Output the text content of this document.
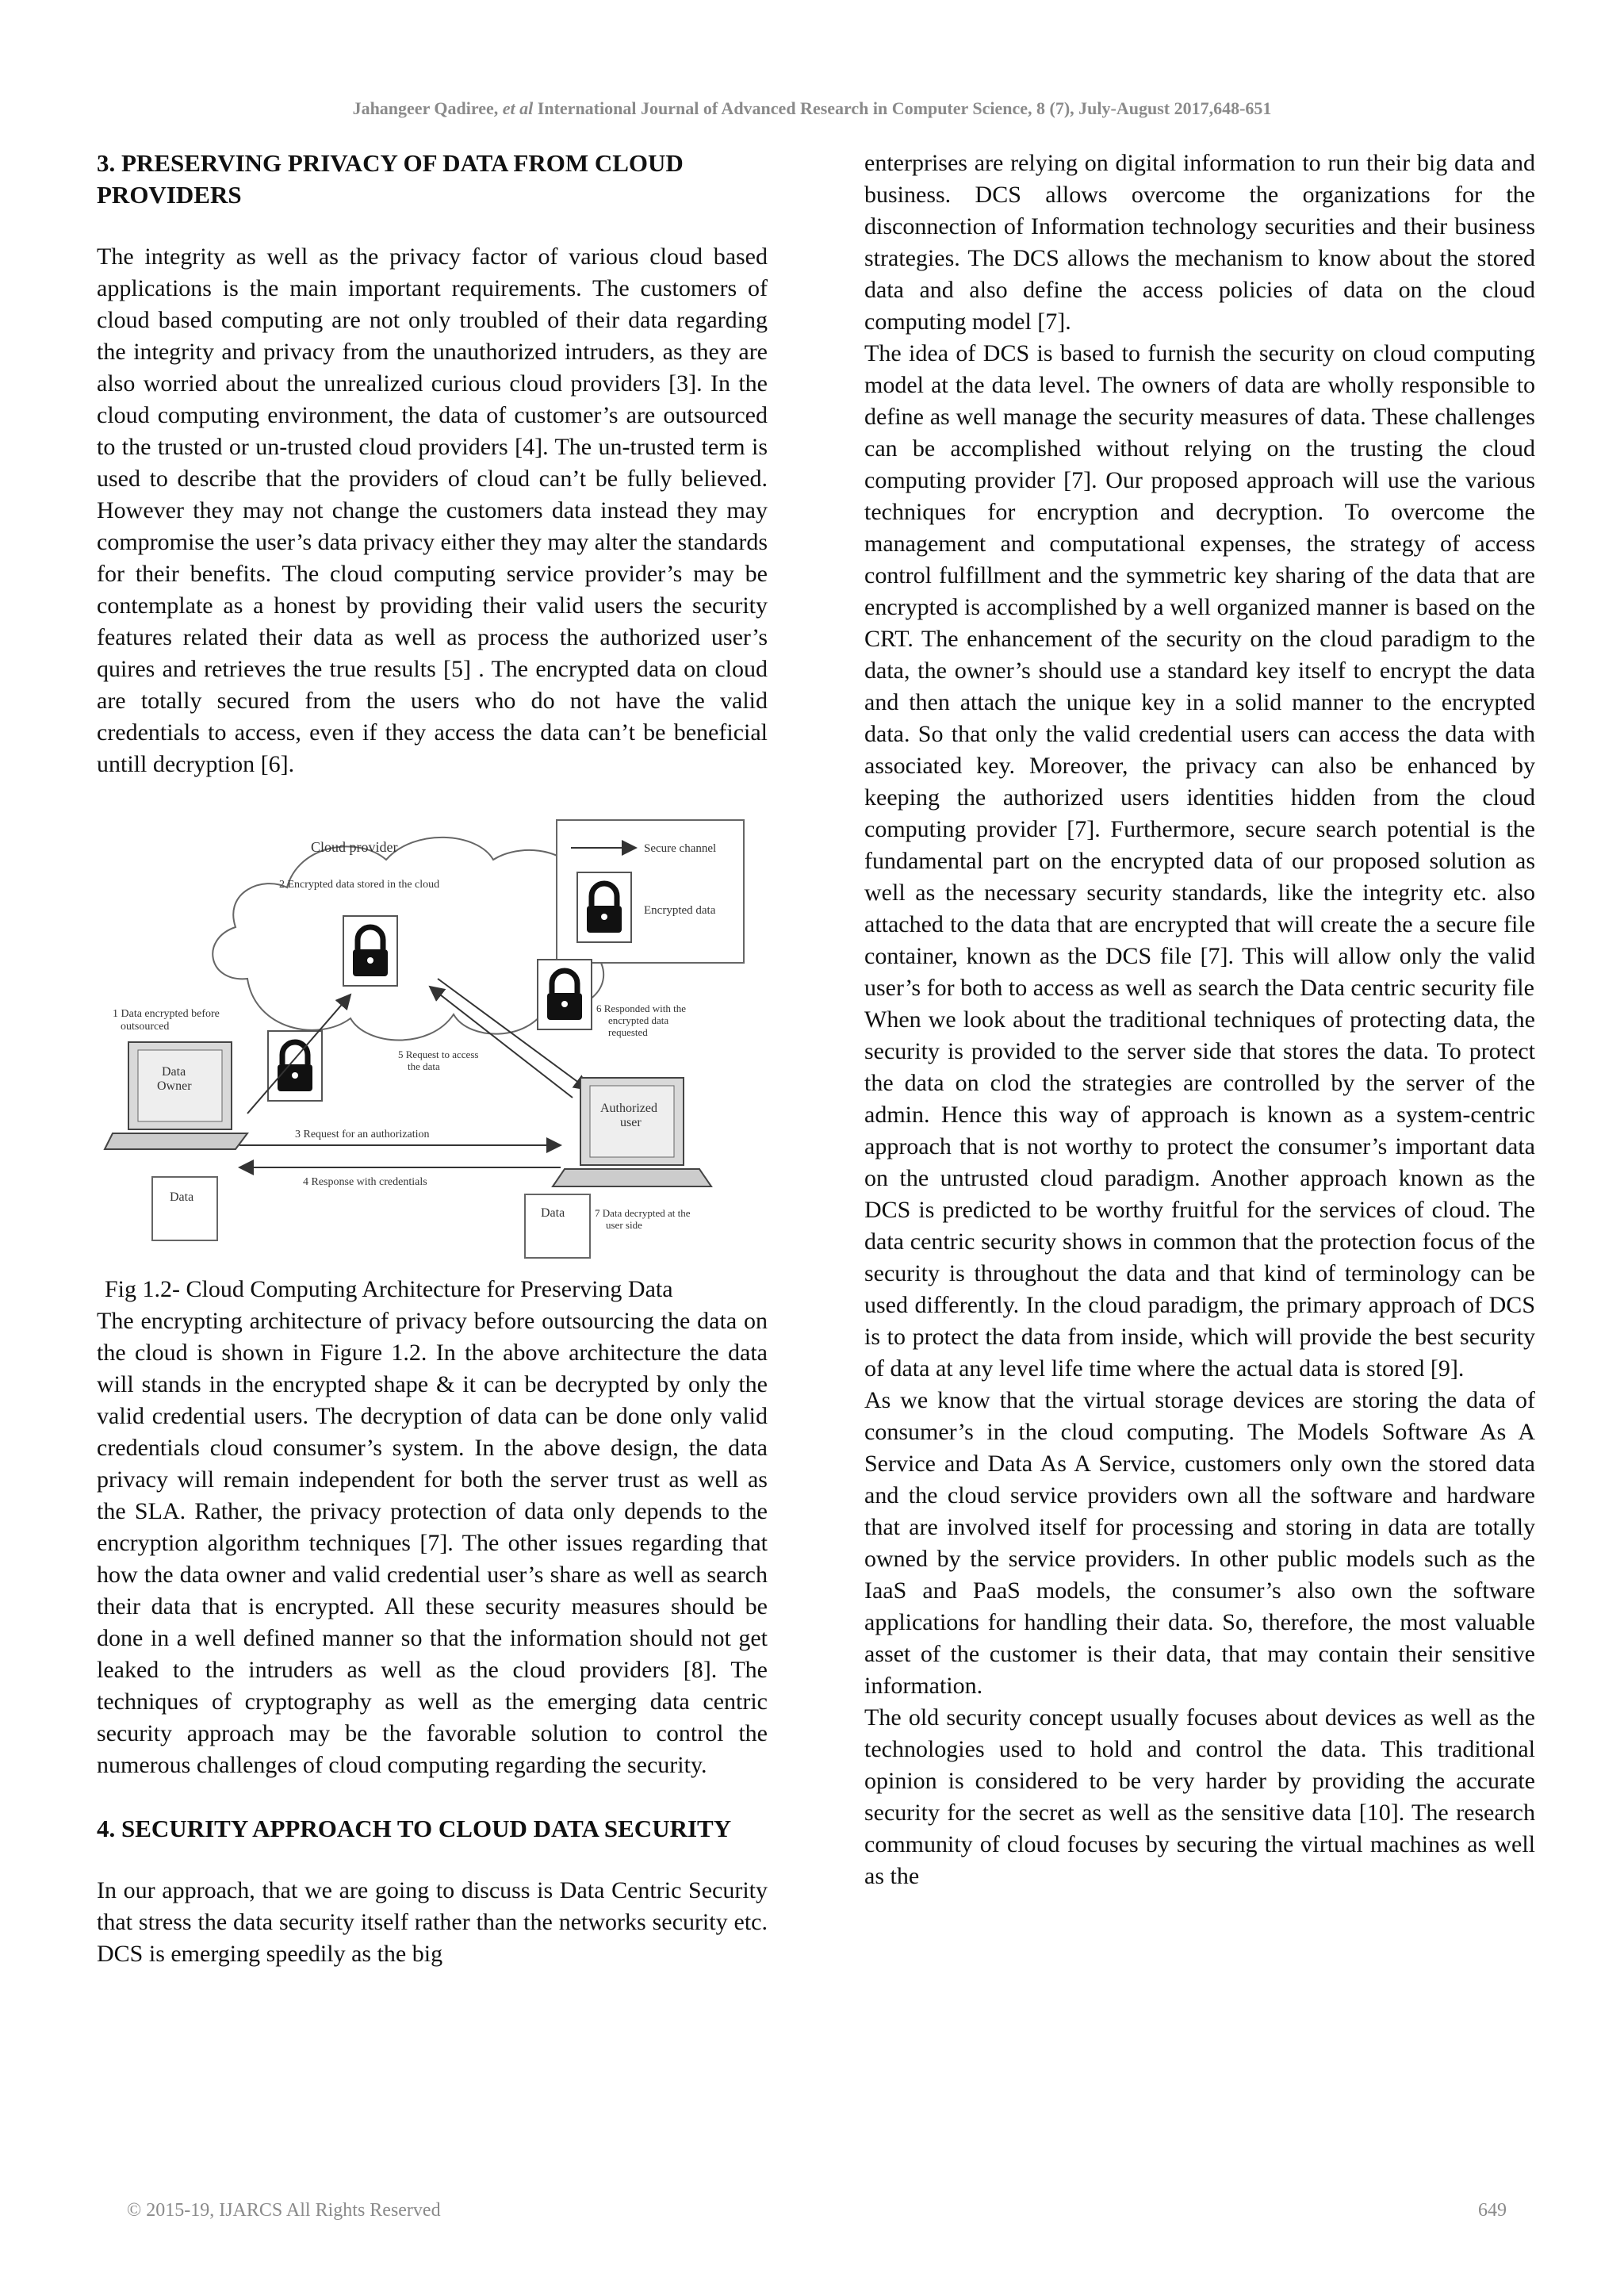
Jahangeer Qadiree, et al International Journal of Advanced Research in Computer Science, 8 (7), July-August 2017,648-651
3. PRESERVING PRIVACY OF DATA FROM CLOUD PROVIDERS

The integrity as well as the privacy factor of various cloud based applications is the main important requirements. The customers of cloud based computing are not only troubled of their data regarding the integrity and privacy from the unauthorized intruders, as they are also worried about the unrealized curious cloud providers [3]. In the cloud computing environment, the data of customer’s are outsourced to the trusted or un-trusted cloud providers [4]. The un-trusted term is used to describe that the providers of cloud can’t be fully believed. However they may not change the customers data instead they may compromise the user’s data privacy either they may alter the standards for their benefits. The cloud computing service provider’s may be contemplate as a honest by providing their valid users the security features related their data as well as process the authorized user’s quires and retrieves the true results [5] . The encrypted data on cloud are totally secured from the users who do not have the valid credentials to access, even if they access the data can’t be beneficial untill decryption [6].

Cloud provider
2 Encrypted data stored in the cloud
Secure channel
Encrypted data
6 Responded with the
encrypted data
requested
1 Data encrypted before
outsourced
Data
Owner
5 Request to access
the data
Authorized
user
3 Request for an authorization
4 Response with credentials
Data
Data	7 Data decrypted at the
user side

Fig 1.2- Cloud Computing Architecture for Preserving Data

The encrypting architecture of privacy before outsourcing the data on the cloud is shown in Figure 1.2. In the above architecture the data will stands in the encrypted shape & it can be decrypted by only the valid credential users. The decryption of data can be done only valid credentials cloud consumer’s system. In the above design, the data privacy will remain independent for both the server trust as well as the SLA. Rather, the privacy protection of data only depends to the encryption algorithm techniques [7]. The other issues regarding that how the data owner and valid credential user’s share as well as search their data that is encrypted. All these security measures should be done in a well defined manner so that the information should not get leaked to the intruders as well as the cloud providers [8]. The techniques of cryptography as well as the emerging data centric security approach may be the favorable solution to control the numerous challenges of cloud computing regarding the security.

4. SECURITY APPROACH TO CLOUD DATA SECURITY

In our approach, that we are going to discuss is Data Centric Security that stress the data security itself rather than the networks security etc. DCS is emerging speedily as the big

enterprises are relying on digital information to run their big data and business. DCS allows overcome the organizations for the disconnection of Information technology securities and their business strategies. The DCS allows the mechanism to know about the stored data and also define the access policies of data on the cloud computing model [7].

The idea of DCS is based to furnish the security on cloud computing model at the data level. The owners of data are wholly responsible to define as well manage the security measures of data. These challenges can be accomplished without relying on the trusting the cloud computing provider [7]. Our proposed approach will use the various techniques for encryption and decryption. To overcome the management and computational expenses, the strategy of access control fulfillment and the symmetric key sharing of the data that are encrypted is accomplished by a well organized manner is based on the CRT. The enhancement of the security on the cloud paradigm to the data, the owner’s should use a standard key itself to encrypt the data and then attach the unique key in a solid manner to the encrypted data. So that only the valid credential users can access the data with associated key. Moreover, the privacy can also be enhanced by keeping the authorized users identities hidden from the cloud computing provider [7]. Furthermore, secure search potential is the fundamental part on the encrypted data of our proposed solution as well as the necessary security standards, like the integrity etc. also attached to the data that are encrypted that will create the a secure file container, known as the DCS file [7]. This will allow only the valid user’s for both to access as well as search the Data centric security file

When we look about the traditional techniques of protecting data, the security is provided to the server side that stores the data. To protect the data on clod the strategies are controlled by the server of the admin. Hence this way of approach is known as a system-centric approach that is not worthy to protect the consumer’s important data on the untrusted cloud paradigm. Another approach known as the DCS is predicted to be worthy fruitful for the services of cloud. The data centric security shows in common that the protection focus of the security is throughout the data and that kind of terminology can be used differently. In the cloud paradigm, the primary approach of DCS is to protect the data from inside, which will provide the best security of data at any level life time where the actual data is stored [9].

As we know that the virtual storage devices are storing the data of consumer’s in the cloud computing. The Models Software As A Service and Data As A Service, customers only own the stored data and the cloud service providers own all the software and hardware that are involved itself for processing and storing in data are totally owned by the service providers. In other public models such as the IaaS and PaaS models, the consumer’s also own the software applications for handling their data. So, therefore, the most valuable asset of the customer is their data, that may contain their sensitive information.

The old security concept usually focuses about devices as well as the technologies used to hold and control the data. This traditional opinion is considered to be very harder by providing the accurate security for the secret as well as the sensitive data [10]. The research community of cloud focuses by securing the virtual machines as well as the

© 2015-19, IJARCS All Rights Reserved	649
